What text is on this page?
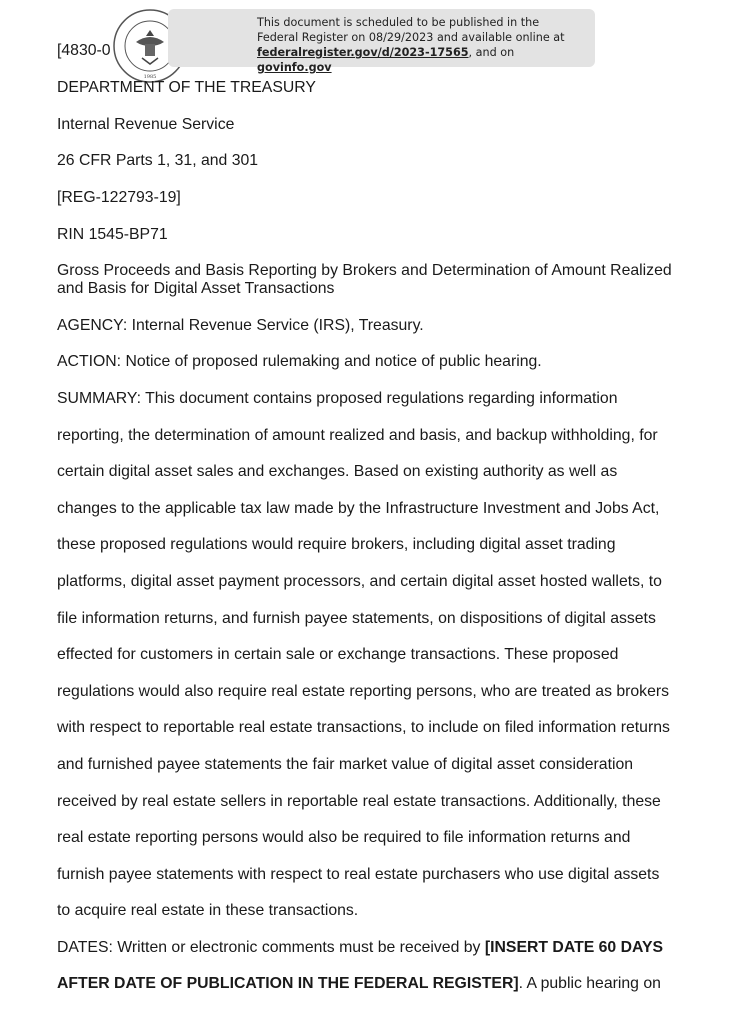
1985
This document is scheduled to be published in the
Federal Register on 08/29/2023 and available online at
federalregister.gov/d/2023-17565, and on govinfo.gov
[4830-0
DEPARTMENT OF THE TREASURY
Internal Revenue Service
26 CFR Parts 1, 31, and 301
[REG-122793-19]
RIN 1545-BP71
Gross Proceeds and Basis Reporting by Brokers and Determination of Amount Realized and Basis for Digital Asset Transactions
AGENCY: Internal Revenue Service (IRS), Treasury.
ACTION: Notice of proposed rulemaking and notice of public hearing.
SUMMARY: This document contains proposed regulations regarding information
reporting, the determination of amount realized and basis, and backup withholding, for
certain digital asset sales and exchanges. Based on existing authority as well as
changes to the applicable tax law made by the Infrastructure Investment and Jobs Act,
these proposed regulations would require brokers, including digital asset trading
platforms, digital asset payment processors, and certain digital asset hosted wallets, to
file information returns, and furnish payee statements, on dispositions of digital assets
effected for customers in certain sale or exchange transactions. These proposed
regulations would also require real estate reporting persons, who are treated as brokers
with respect to reportable real estate transactions, to include on filed information returns
and furnished payee statements the fair market value of digital asset consideration
received by real estate sellers in reportable real estate transactions. Additionally, these
real estate reporting persons would also be required to file information returns and
furnish payee statements with respect to real estate purchasers who use digital assets
to acquire real estate in these transactions.
DATES: Written or electronic comments must be received by [INSERT DATE 60 DAYS
AFTER DATE OF PUBLICATION IN THE FEDERAL REGISTER]. A public hearing on
